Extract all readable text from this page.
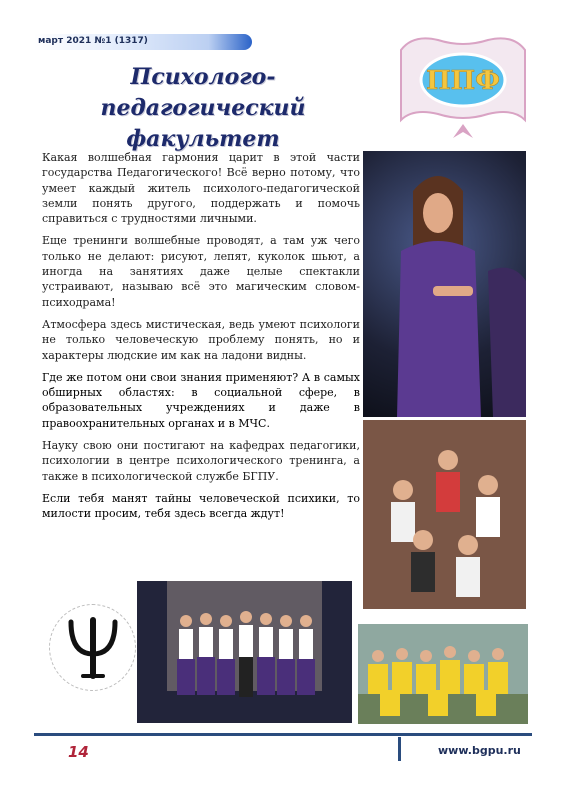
март 2021 №1 (1317)
Психолого-педагогический факультет
ППФ

Какая волшебная гармония царит в этой части государства Педагогического! Всё верно потому, что умеет каждый житель психолого-педагогической земли понять другого, поддержать и помочь справиться с трудностями личными.

Еще тренинги волшебные проводят, а там уж чего только не делают: рисуют, лепят, куколок шьют, а иногда на занятиях даже целые спектакли устраивают, называю всё это магическим словом-психодрама!

Атмосфера здесь мистическая, ведь умеют психологи не только человеческую проблему понять, но и характеры людские им как на ладони видны.

Где же потом они свои знания применяют? А в самых обширных областях: в социальной сфере, в образовательных учреждениях и даже в правоохранительных органах и в МЧС.

Науку свою они постигают на кафедрах педагогики, психологии в центре психологического тренинга, а также в психологической службе БГПУ.

Если тебя манят тайны человеческой психики, то милости просим, тебя здесь всегда ждут!

14	www.bgpu.ru
